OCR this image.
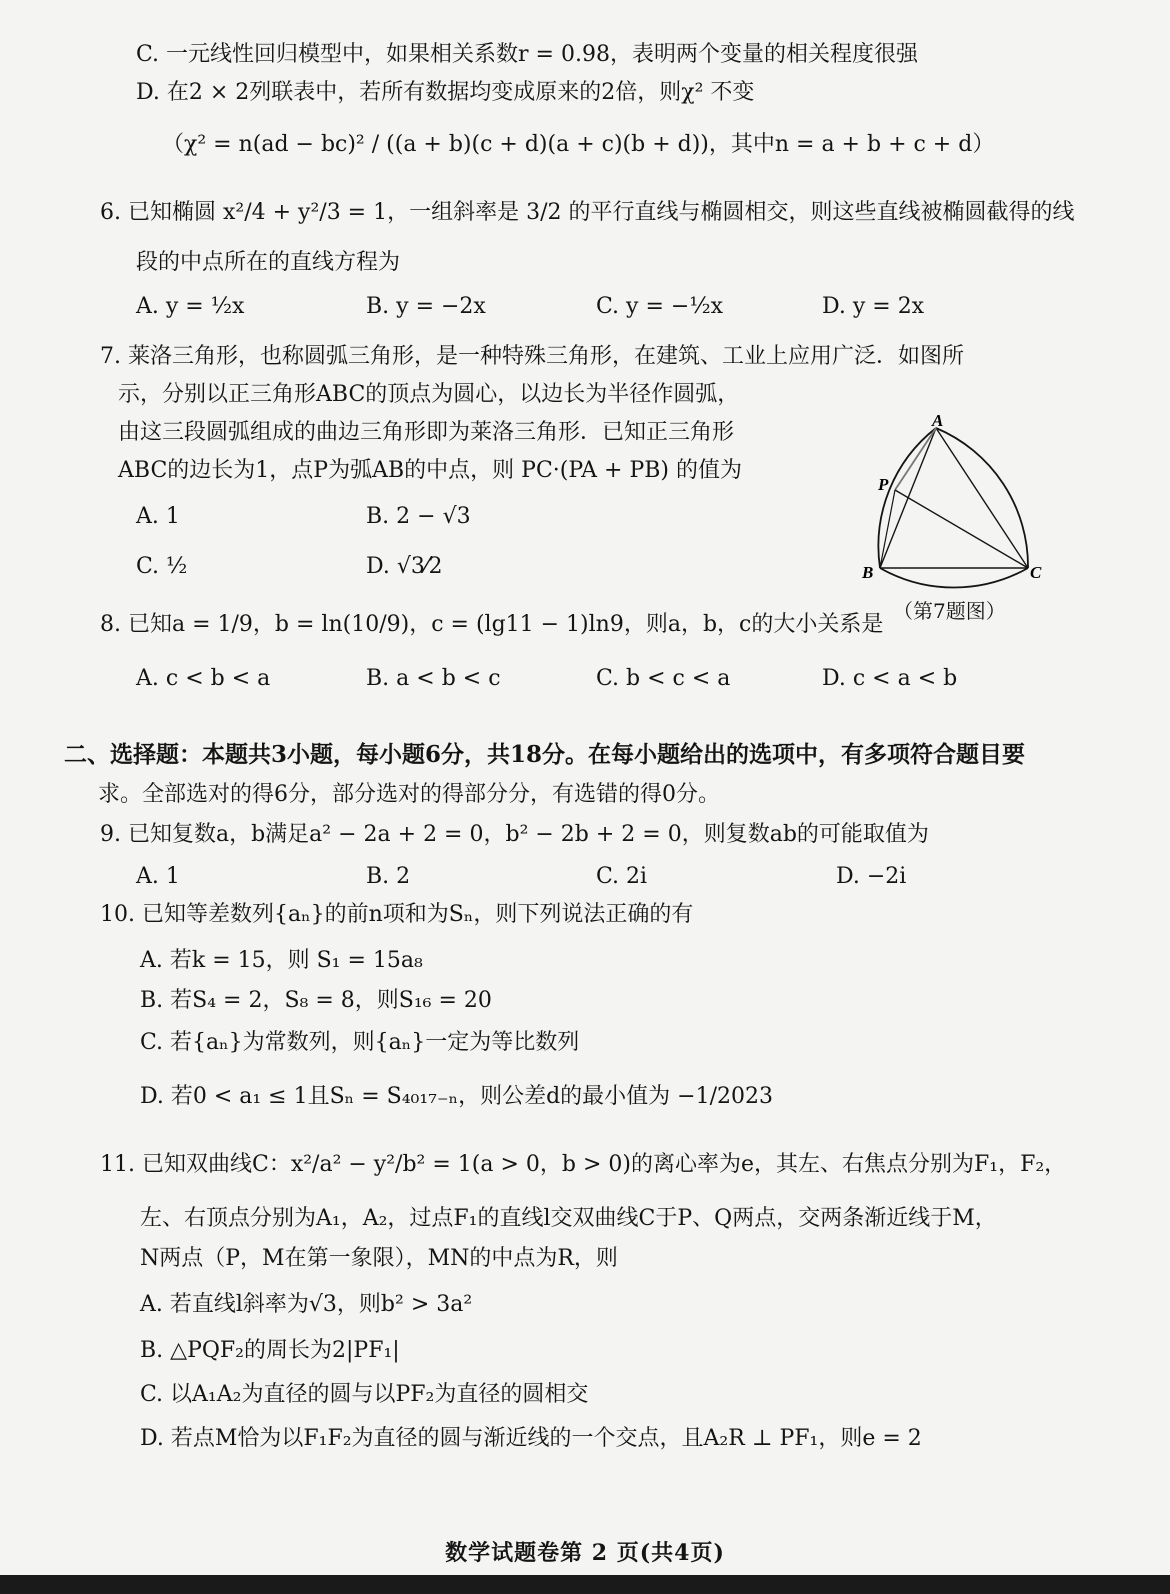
C. 一元线性回归模型中，如果相关系数r = 0.98，表明两个变量的相关程度很强
D. 在2 × 2列联表中，若所有数据均变成原来的2倍，则χ² 不变
（χ² = n(ad − bc)² / ((a + b)(c + d)(a + c)(b + d))，其中n = a + b + c + d）
6. 已知椭圆 x²/4 + y²/3 = 1，一组斜率是 3/2 的平行直线与椭圆相交，则这些直线被椭圆截得的线
段的中点所在的直线方程为
A. y = ½x	B. y = −2x	C. y = −½x	D. y = 2x
7. 莱洛三角形，也称圆弧三角形，是一种特殊三角形，在建筑、工业上应用广泛．如图所
示，分别以正三角形ABC的顶点为圆心，以边长为半径作圆弧，
由这三段圆弧组成的曲边三角形即为莱洛三角形．已知正三角形
ABC的边长为1，点P为弧AB的中点，则 PC·(PA + PB) 的值为
A. 1	B. 2 − √3
C. ½	D. √3⁄2
A
P
B	C
（第7题图）
8. 已知a = 1/9，b = ln(10/9)，c = (lg11 − 1)ln9，则a，b，c的大小关系是
A. c < b < a	B. a < b < c	C. b < c < a	D. c < a < b
二、选择题：本题共3小题，每小题6分，共18分。在每小题给出的选项中，有多项符合题目要
求。全部选对的得6分，部分选对的得部分分，有选错的得0分。
9. 已知复数a，b满足a² − 2a + 2 = 0，b² − 2b + 2 = 0，则复数ab的可能取值为
A. 1	B. 2	C. 2i	D. −2i
10. 已知等差数列{aₙ}的前n项和为Sₙ，则下列说法正确的有
A. 若k = 15，则 S₁ = 15a₈
B. 若S₄ = 2，S₈ = 8，则S₁₆ = 20
C. 若{aₙ}为常数列，则{aₙ}一定为等比数列
D. 若0 < a₁ ≤ 1且Sₙ = S₄₀₁₇₋ₙ，则公差d的最小值为 −1/2023
11. 已知双曲线C：x²/a² − y²/b² = 1(a > 0，b > 0)的离心率为e，其左、右焦点分别为F₁，F₂，
左、右顶点分别为A₁，A₂，过点F₁的直线l交双曲线C于P、Q两点，交两条渐近线于M，
N两点（P，M在第一象限），MN的中点为R，则
A. 若直线l斜率为√3，则b² > 3a²
B. △PQF₂的周长为2|PF₁|
C. 以A₁A₂为直径的圆与以PF₂为直径的圆相交
D. 若点M恰为以F₁F₂为直径的圆与渐近线的一个交点，且A₂R ⊥ PF₁，则e = 2
数学试题卷第 2 页(共4页)
